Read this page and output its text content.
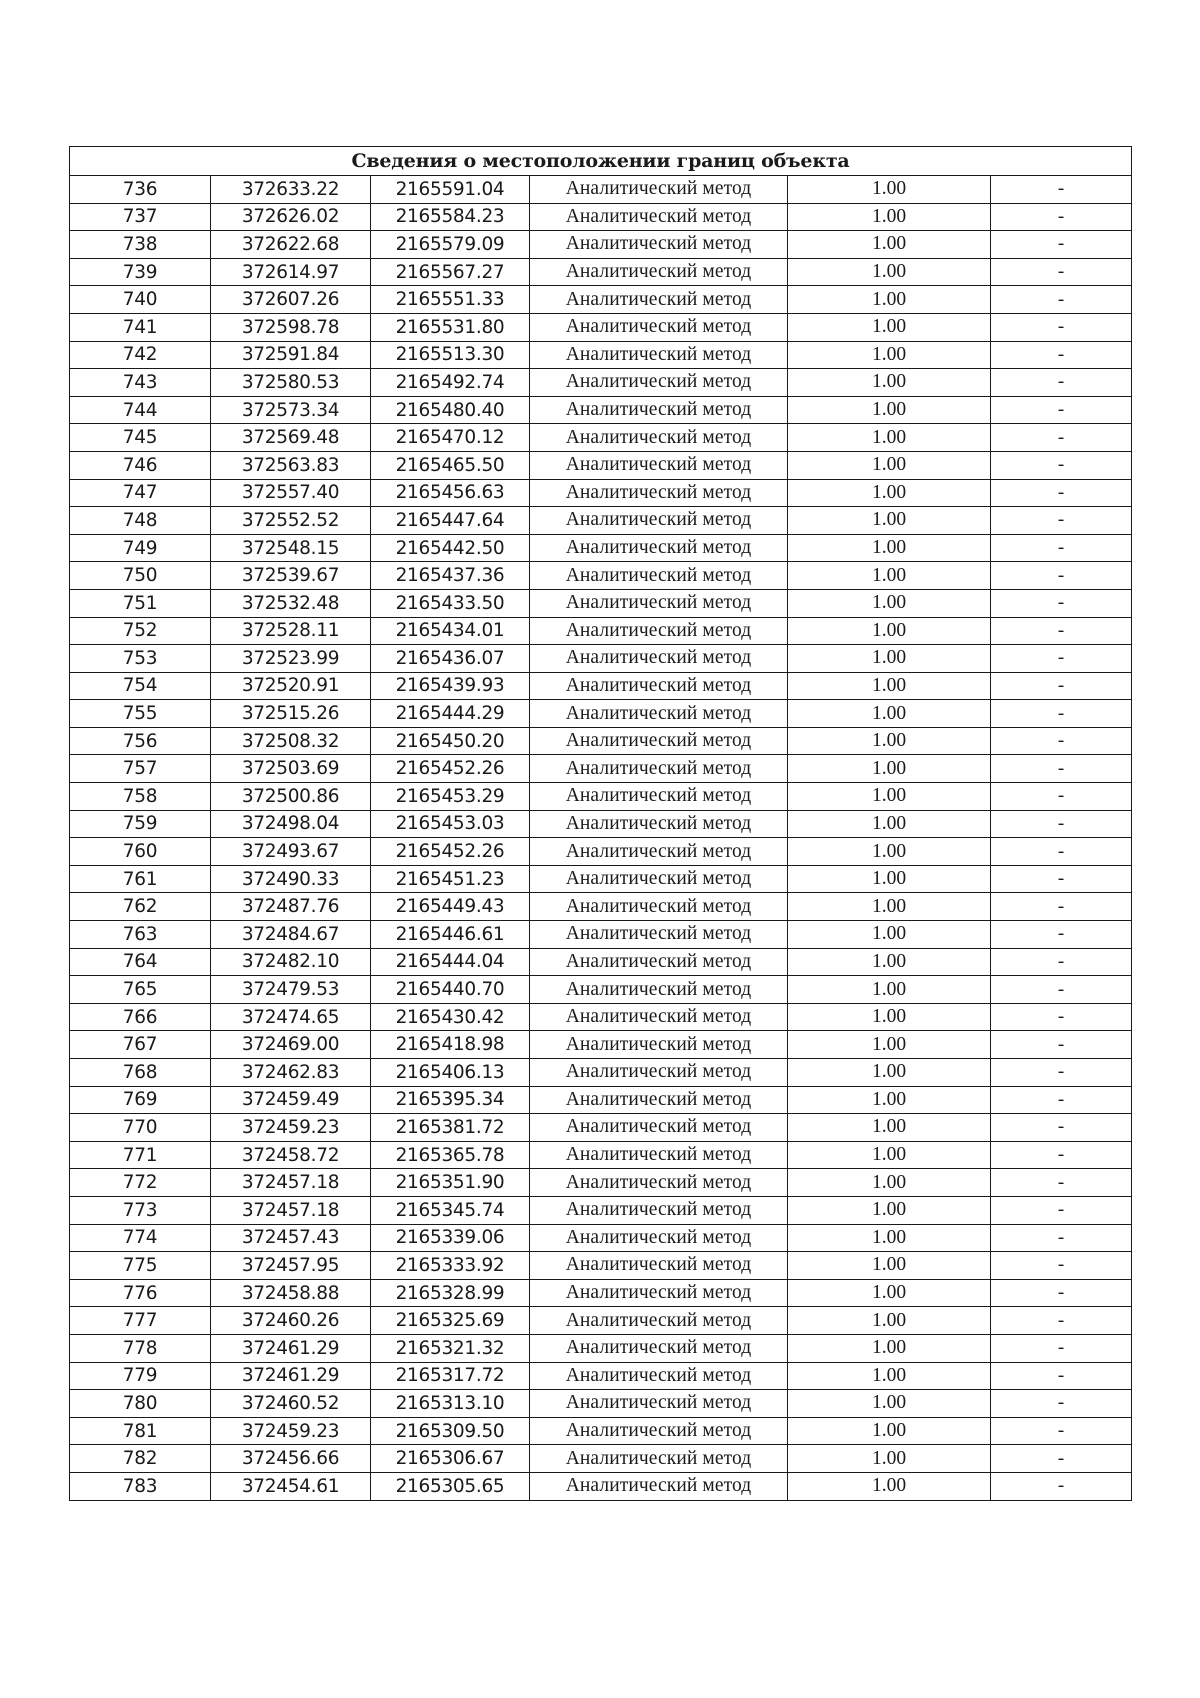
Сведения о местоположении границ объекта					
736	372633.22	2165591.04	Аналитический метод	1.00	-
737	372626.02	2165584.23	Аналитический метод	1.00	-
738	372622.68	2165579.09	Аналитический метод	1.00	-
739	372614.97	2165567.27	Аналитический метод	1.00	-
740	372607.26	2165551.33	Аналитический метод	1.00	-
741	372598.78	2165531.80	Аналитический метод	1.00	-
742	372591.84	2165513.30	Аналитический метод	1.00	-
743	372580.53	2165492.74	Аналитический метод	1.00	-
744	372573.34	2165480.40	Аналитический метод	1.00	-
745	372569.48	2165470.12	Аналитический метод	1.00	-
746	372563.83	2165465.50	Аналитический метод	1.00	-
747	372557.40	2165456.63	Аналитический метод	1.00	-
748	372552.52	2165447.64	Аналитический метод	1.00	-
749	372548.15	2165442.50	Аналитический метод	1.00	-
750	372539.67	2165437.36	Аналитический метод	1.00	-
751	372532.48	2165433.50	Аналитический метод	1.00	-
752	372528.11	2165434.01	Аналитический метод	1.00	-
753	372523.99	2165436.07	Аналитический метод	1.00	-
754	372520.91	2165439.93	Аналитический метод	1.00	-
755	372515.26	2165444.29	Аналитический метод	1.00	-
756	372508.32	2165450.20	Аналитический метод	1.00	-
757	372503.69	2165452.26	Аналитический метод	1.00	-
758	372500.86	2165453.29	Аналитический метод	1.00	-
759	372498.04	2165453.03	Аналитический метод	1.00	-
760	372493.67	2165452.26	Аналитический метод	1.00	-
761	372490.33	2165451.23	Аналитический метод	1.00	-
762	372487.76	2165449.43	Аналитический метод	1.00	-
763	372484.67	2165446.61	Аналитический метод	1.00	-
764	372482.10	2165444.04	Аналитический метод	1.00	-
765	372479.53	2165440.70	Аналитический метод	1.00	-
766	372474.65	2165430.42	Аналитический метод	1.00	-
767	372469.00	2165418.98	Аналитический метод	1.00	-
768	372462.83	2165406.13	Аналитический метод	1.00	-
769	372459.49	2165395.34	Аналитический метод	1.00	-
770	372459.23	2165381.72	Аналитический метод	1.00	-
771	372458.72	2165365.78	Аналитический метод	1.00	-
772	372457.18	2165351.90	Аналитический метод	1.00	-
773	372457.18	2165345.74	Аналитический метод	1.00	-
774	372457.43	2165339.06	Аналитический метод	1.00	-
775	372457.95	2165333.92	Аналитический метод	1.00	-
776	372458.88	2165328.99	Аналитический метод	1.00	-
777	372460.26	2165325.69	Аналитический метод	1.00	-
778	372461.29	2165321.32	Аналитический метод	1.00	-
779	372461.29	2165317.72	Аналитический метод	1.00	-
780	372460.52	2165313.10	Аналитический метод	1.00	-
781	372459.23	2165309.50	Аналитический метод	1.00	-
782	372456.66	2165306.67	Аналитический метод	1.00	-
783	372454.61	2165305.65	Аналитический метод	1.00	-
